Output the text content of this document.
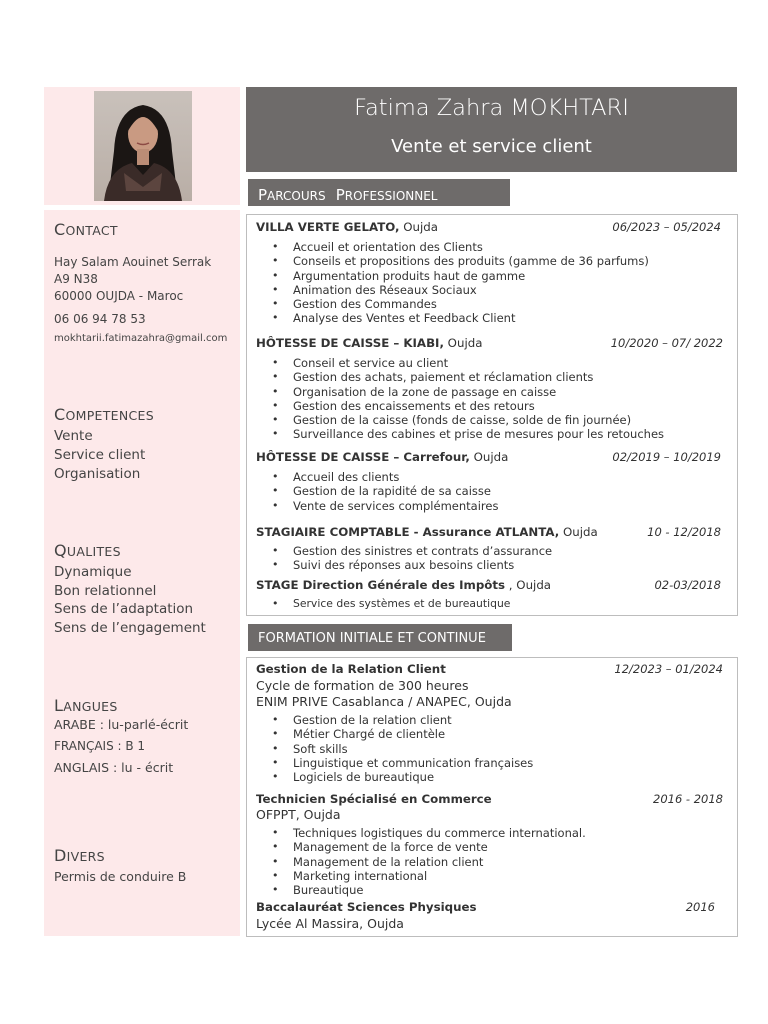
CONTACT
Hay Salam Aouinet Serrak
A9 N38
60000 OUJDA - Maroc
06 06 94 78 53
mokhtarii.fatimazahra@gmail.com
COMPETENCES
Vente
Service client
Organisation
QUALITES
Dynamique
Bon relationnel
Sens de l’adaptation
Sens de l’engagement
LANGUES
ARABE : lu-parlé-écrit
FRANÇAIS : B 1
ANGLAIS : lu - écrit
DIVERS
Permis de conduire B
Fatima Zahra MOKHTARI
Vente et service client
PARCOURS PROFESSIONNEL
VILLA VERTE GELATO, Oujda	06/2023 – 05/2024
• Accueil et orientation des Clients
• Conseils et propositions des produits (gamme de 36 parfums)
• Argumentation produits haut de gamme
• Animation des Réseaux Sociaux
• Gestion des Commandes
• Analyse des Ventes et Feedback Client
HÔTESSE DE CAISSE – KIABI, Oujda	10/2020 – 07/ 2022
• Conseil et service au client
• Gestion des achats, paiement et réclamation clients
• Organisation de la zone de passage en caisse
• Gestion des encaissements et des retours
• Gestion de la caisse (fonds de caisse, solde de fin journée)
• Surveillance des cabines et prise de mesures pour les retouches
HÔTESSE DE CAISSE – Carrefour, Oujda	02/2019 – 10/2019
• Accueil des clients
• Gestion de la rapidité de sa caisse
• Vente de services complémentaires
STAGIAIRE COMPTABLE - Assurance ATLANTA, Oujda	10 - 12/2018
• Gestion des sinistres et contrats d’assurance
• Suivi des réponses aux besoins clients
STAGE Direction Générale des Impôts , Oujda	02-03/2018
• Service des systèmes et de bureautique
FORMATION INITIALE ET CONTINUE
Gestion de la Relation Client	12/2023 – 01/2024
Cycle de formation de 300 heures
ENIM PRIVE Casablanca / ANAPEC, Oujda
• Gestion de la relation client
• Métier Chargé de clientèle
• Soft skills
• Linguistique et communication françaises
• Logiciels de bureautique
Technicien Spécialisé en Commerce	2016 - 2018
OFPPT, Oujda
• Techniques logistiques du commerce international.
• Management de la force de vente
• Management de la relation client
• Marketing international
• Bureautique
Baccalauréat Sciences Physiques	2016
Lycée Al Massira, Oujda
